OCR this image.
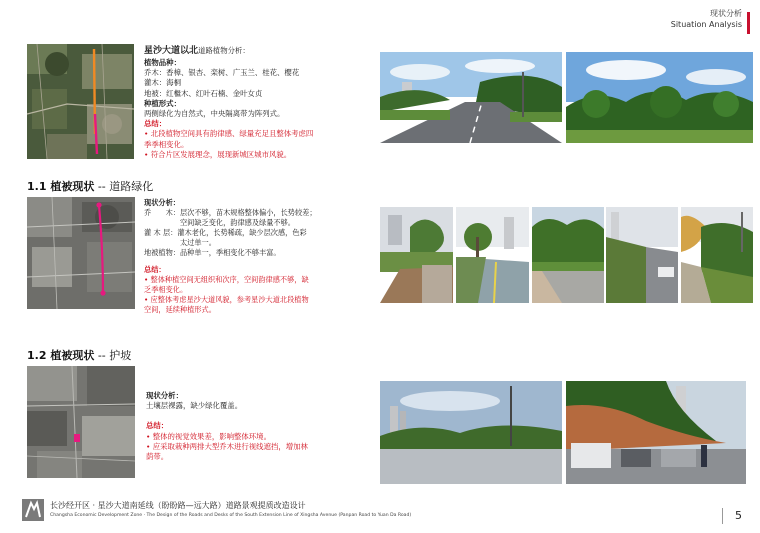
现状分析
Situation Analysis
星沙大道以北道路植物分析：
植物品种：
乔木：香樟、银杏、栾树、广玉兰、桂花、樱花
灌木：海桐
地被：红檵木、红叶石楠、金叶女贞
种植形式：
两侧绿化为自然式，中央隔离带为阵列式。
总结：
• 北段植物空间具有韵律感、绿量充足且整体考虑四
季季相变化。
• 符合片区发展理念，展现新城区城市风貌。
1.1 植被现状 -- 道路绿化
现状分析：
乔　　木：层次不够，苗木规格整体偏小，长势较差；
　　　　　空间缺乏变化，韵律感及绿量不够。
灌 木 层：灌木老化，长势稀疏，缺少层次感，色彩
　　　　　太过单一。
地被植物：品种单一，季相变化不够丰富。
总结：
• 整体种植空间无组织和次序，空间韵律感不够，缺
乏季相变化。
• 应整体考虑星沙大道风貌，参考星沙大道北段植物
空间，延续种植形式。
1.2 植被现状 -- 护坡
现状分析：
土壤层裸露，缺少绿化覆盖。
总结：
• 整体的视觉效果差，影响整体环境。
• 应采取栽种两排大型乔木进行视线遮挡，增加林
荫带。
长沙经开区 · 星沙大道南延线（盼盼路—远大路）道路景观提质改造设计
Changsha Economic Development Zone · The Design of the Roads and Desks of the South Extension Line of Xingsha Avenue (Panpan Road to Yuan Da Road)	5
